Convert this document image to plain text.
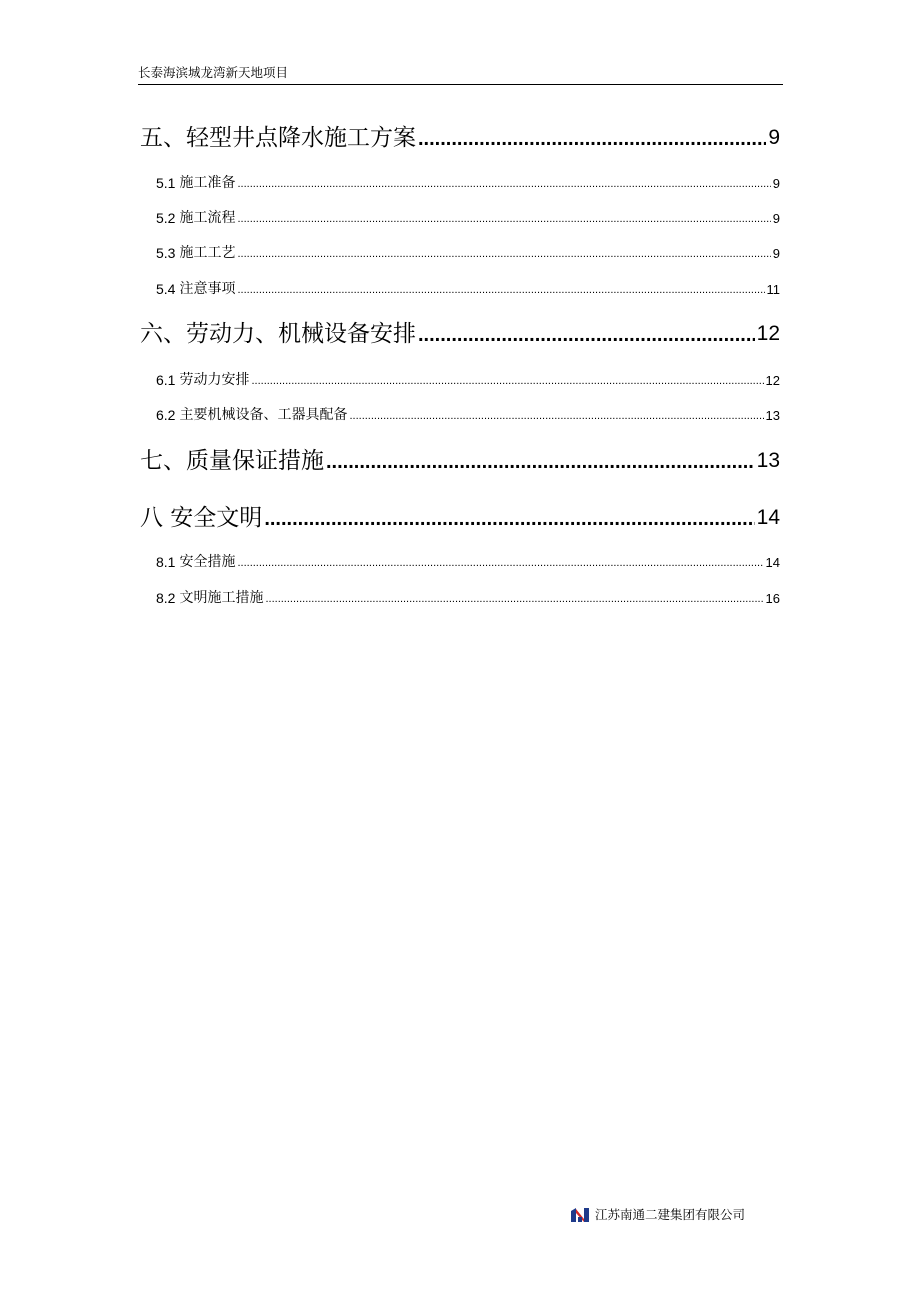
长泰海滨城龙湾新天地项目
五、轻型井点降水施工方案 .....	9
5.1 施工准备 .....	9
5.2 施工流程 .....	9
5.3 施工工艺 .....	9
5.4 注意事项 .....	11
六、劳动力、机械设备安排 .....	12
6.1 劳动力安排 .....	12
6.2 主要机械设备、工器具配备 .....	13
七、质量保证措施 .....	13
八 安全文明 .....	14
8.1 安全措施 .....	14
8.2 文明施工措施 .....	16
江苏南通二建集团有限公司
